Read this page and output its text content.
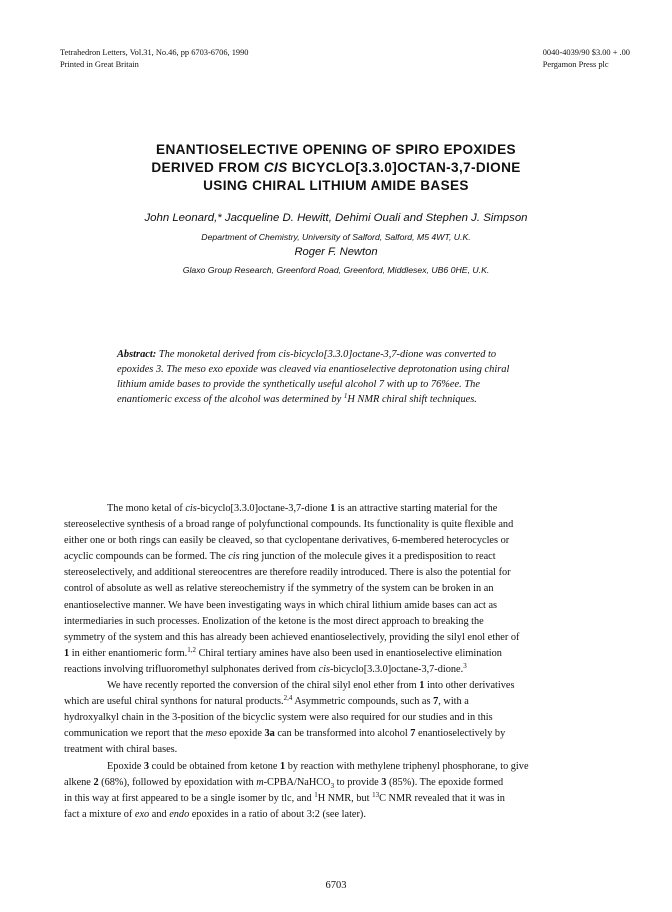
Tetrahedron Letters, Vol.31, No.46, pp 6703-6706, 1990
Printed in Great Britain
0040-4039/90 $3.00 + .00
Pergamon Press plc
ENANTIOSELECTIVE OPENING OF SPIRO EPOXIDES
DERIVED FROM CIS BICYCLO[3.3.0]OCTAN-3,7-DIONE
USING CHIRAL LITHIUM AMIDE BASES
John Leonard,* Jacqueline D. Hewitt, Dehimi Ouali and Stephen J. Simpson
Department of Chemistry, University of Salford, Salford, M5 4WT, U.K.
Roger F. Newton
Glaxo Group Research, Greenford Road, Greenford, Middlesex, UB6 0HE, U.K.
Abstract: The monoketal derived from cis-bicyclo[3.3.0]octane-3,7-dione was converted to
epoxides 3. The meso exo epoxide was cleaved via enantioselective deprotonation using chiral
lithium amide bases to provide the synthetically useful alcohol 7 with up to 76%ee. The
enantiomeric excess of the alcohol was determined by $^1$H NMR chiral shift techniques.

The mono ketal of cis-bicyclo[3.3.0]octane-3,7-dione 1 is an attractive starting material for the
stereoselective synthesis of a broad range of polyfunctional compounds. Its functionality is quite flexible and
either one or both rings can easily be cleaved, so that cyclopentane derivatives, 6-membered heterocycles or
acyclic compounds can be formed. The cis ring junction of the molecule gives it a predisposition to react
stereoselectively, and additional stereocentres are therefore readily introduced. There is also the potential for
control of absolute as well as relative stereochemistry if the symmetry of the system can be broken in an
enantioselective manner. We have been investigating ways in which chiral lithium amide bases can act as
intermediaries in such processes. Enolization of the ketone is the most direct approach to breaking the
symmetry of the system and this has already been achieved enantioselectively, providing the silyl enol ether of
1 in either enantiomeric form.$^{1,2}$ Chiral tertiary amines have also been used in enantioselective elimination
reactions involving trifluoromethyl sulphonates derived from cis-bicyclo[3.3.0]octane-3,7-dione.$^3$

We have recently reported the conversion of the chiral silyl enol ether from 1 into other derivatives
which are useful chiral synthons for natural products.$^{2,4}$ Asymmetric compounds, such as 7, with a
hydroxyalkyl chain in the 3-position of the bicyclic system were also required for our studies and in this
communication we report that the meso epoxide 3a can be transformed into alcohol 7 enantioselectively by
treatment with chiral bases.

Epoxide 3 could be obtained from ketone 1 by reaction with methylene triphenyl phosphorane, to give
alkene 2 (68%), followed by epoxidation with m-CPBA/NaHCO$_3$ to provide 3 (85%). The epoxide formed
in this way at first appeared to be a single isomer by tlc, and $^1$H NMR, but $^{13}$C NMR revealed that it was in
fact a mixture of exo and endo epoxides in a ratio of about 3:2 (see later).

6703
